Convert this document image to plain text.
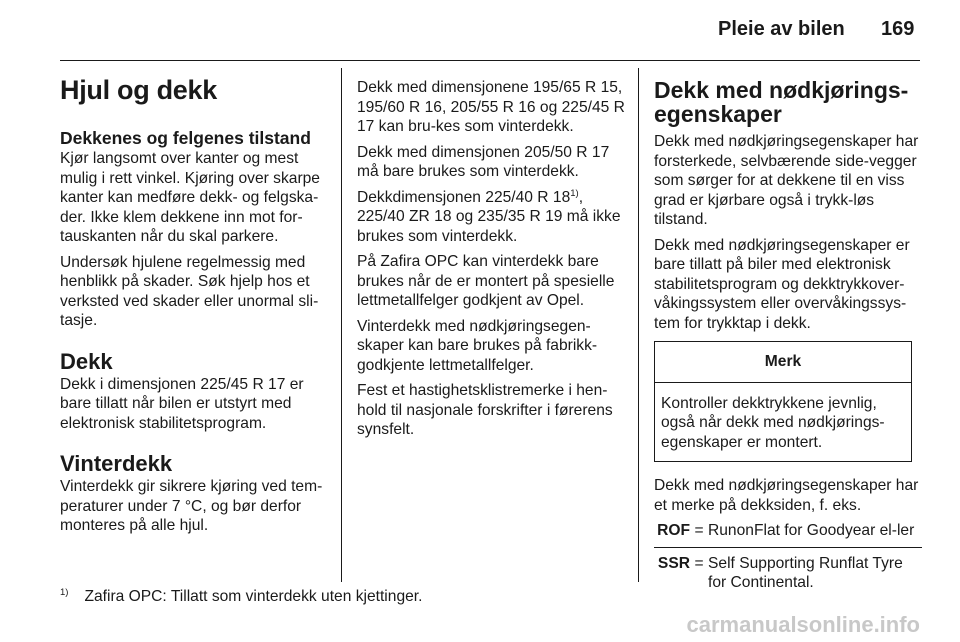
Pleie av bilen 169
Hjul og dekk
Dekkenes og felgenes tilstand

Kjør langsomt over kanter og mest mulig i rett vinkel. Kjøring over skarpe kanter kan medføre dekk- og felgska-der. Ikke klem dekkene inn mot for-tauskanten når du skal parkere.

Undersøk hjulene regelmessig med henblikk på skader. Søk hjelp hos et verksted ved skader eller unormal sli-tasje.

Dekk

Dekk i dimensjonen 225/45 R 17 er bare tillatt når bilen er utstyrt med elektronisk stabilitetsprogram.

Vinterdekk

Vinterdekk gir sikrere kjøring ved tem-peraturer under 7 °C, og bør derfor monteres på alle hjul.

Dekk med dimensjonene 195/65 R 15, 195/60 R 16, 205/55 R 16 og 225/45 R 17 kan bru-kes som vinterdekk.

Dekk med dimensjonen 205/50 R 17 må bare brukes som vinterdekk.

Dekkdimensjonen 225/40 R 18$^{1)}$, 225/40 ZR 18 og 235/35 R 19 må ikke brukes som vinterdekk.

På Zafira OPC kan vinterdekk bare brukes når de er montert på spesielle lettmetallfelger godkjent av Opel.

Vinterdekk med nødkjøringsegen-skaper kan bare brukes på fabrikk-godkjente lettmetallfelger.

Fest et hastighetsklistremerke i hen-hold til nasjonale forskrifter i førerens synsfelt.

Dekk med nødkjørings-egenskaper

Dekk med nødkjøringsegenskaper har forsterkede, selvbærende side-vegger som sørger for at dekkene til en viss grad er kjørbare også i trykk-løs tilstand.

Dekk med nødkjøringsegenskaper er bare tillatt på biler med elektronisk stabilitetsprogram og dekktrykkover-våkingssystem eller overvåkingssys-tem for trykktap i dekk.

Merk
Kontroller dekktrykkene jevnlig, også når dekk med nødkjørings-egenskaper er montert.

Dekk med nødkjøringsegenskaper har et merke på dekksiden, f. eks.

ROF = RunonFlat for Goodyear el-ler
SSR = Self Supporting Runflat Tyre for Continental.
$^{1)}$ Zafira OPC: Tillatt som vinterdekk uten kjettinger.
carmanualsonline.info
